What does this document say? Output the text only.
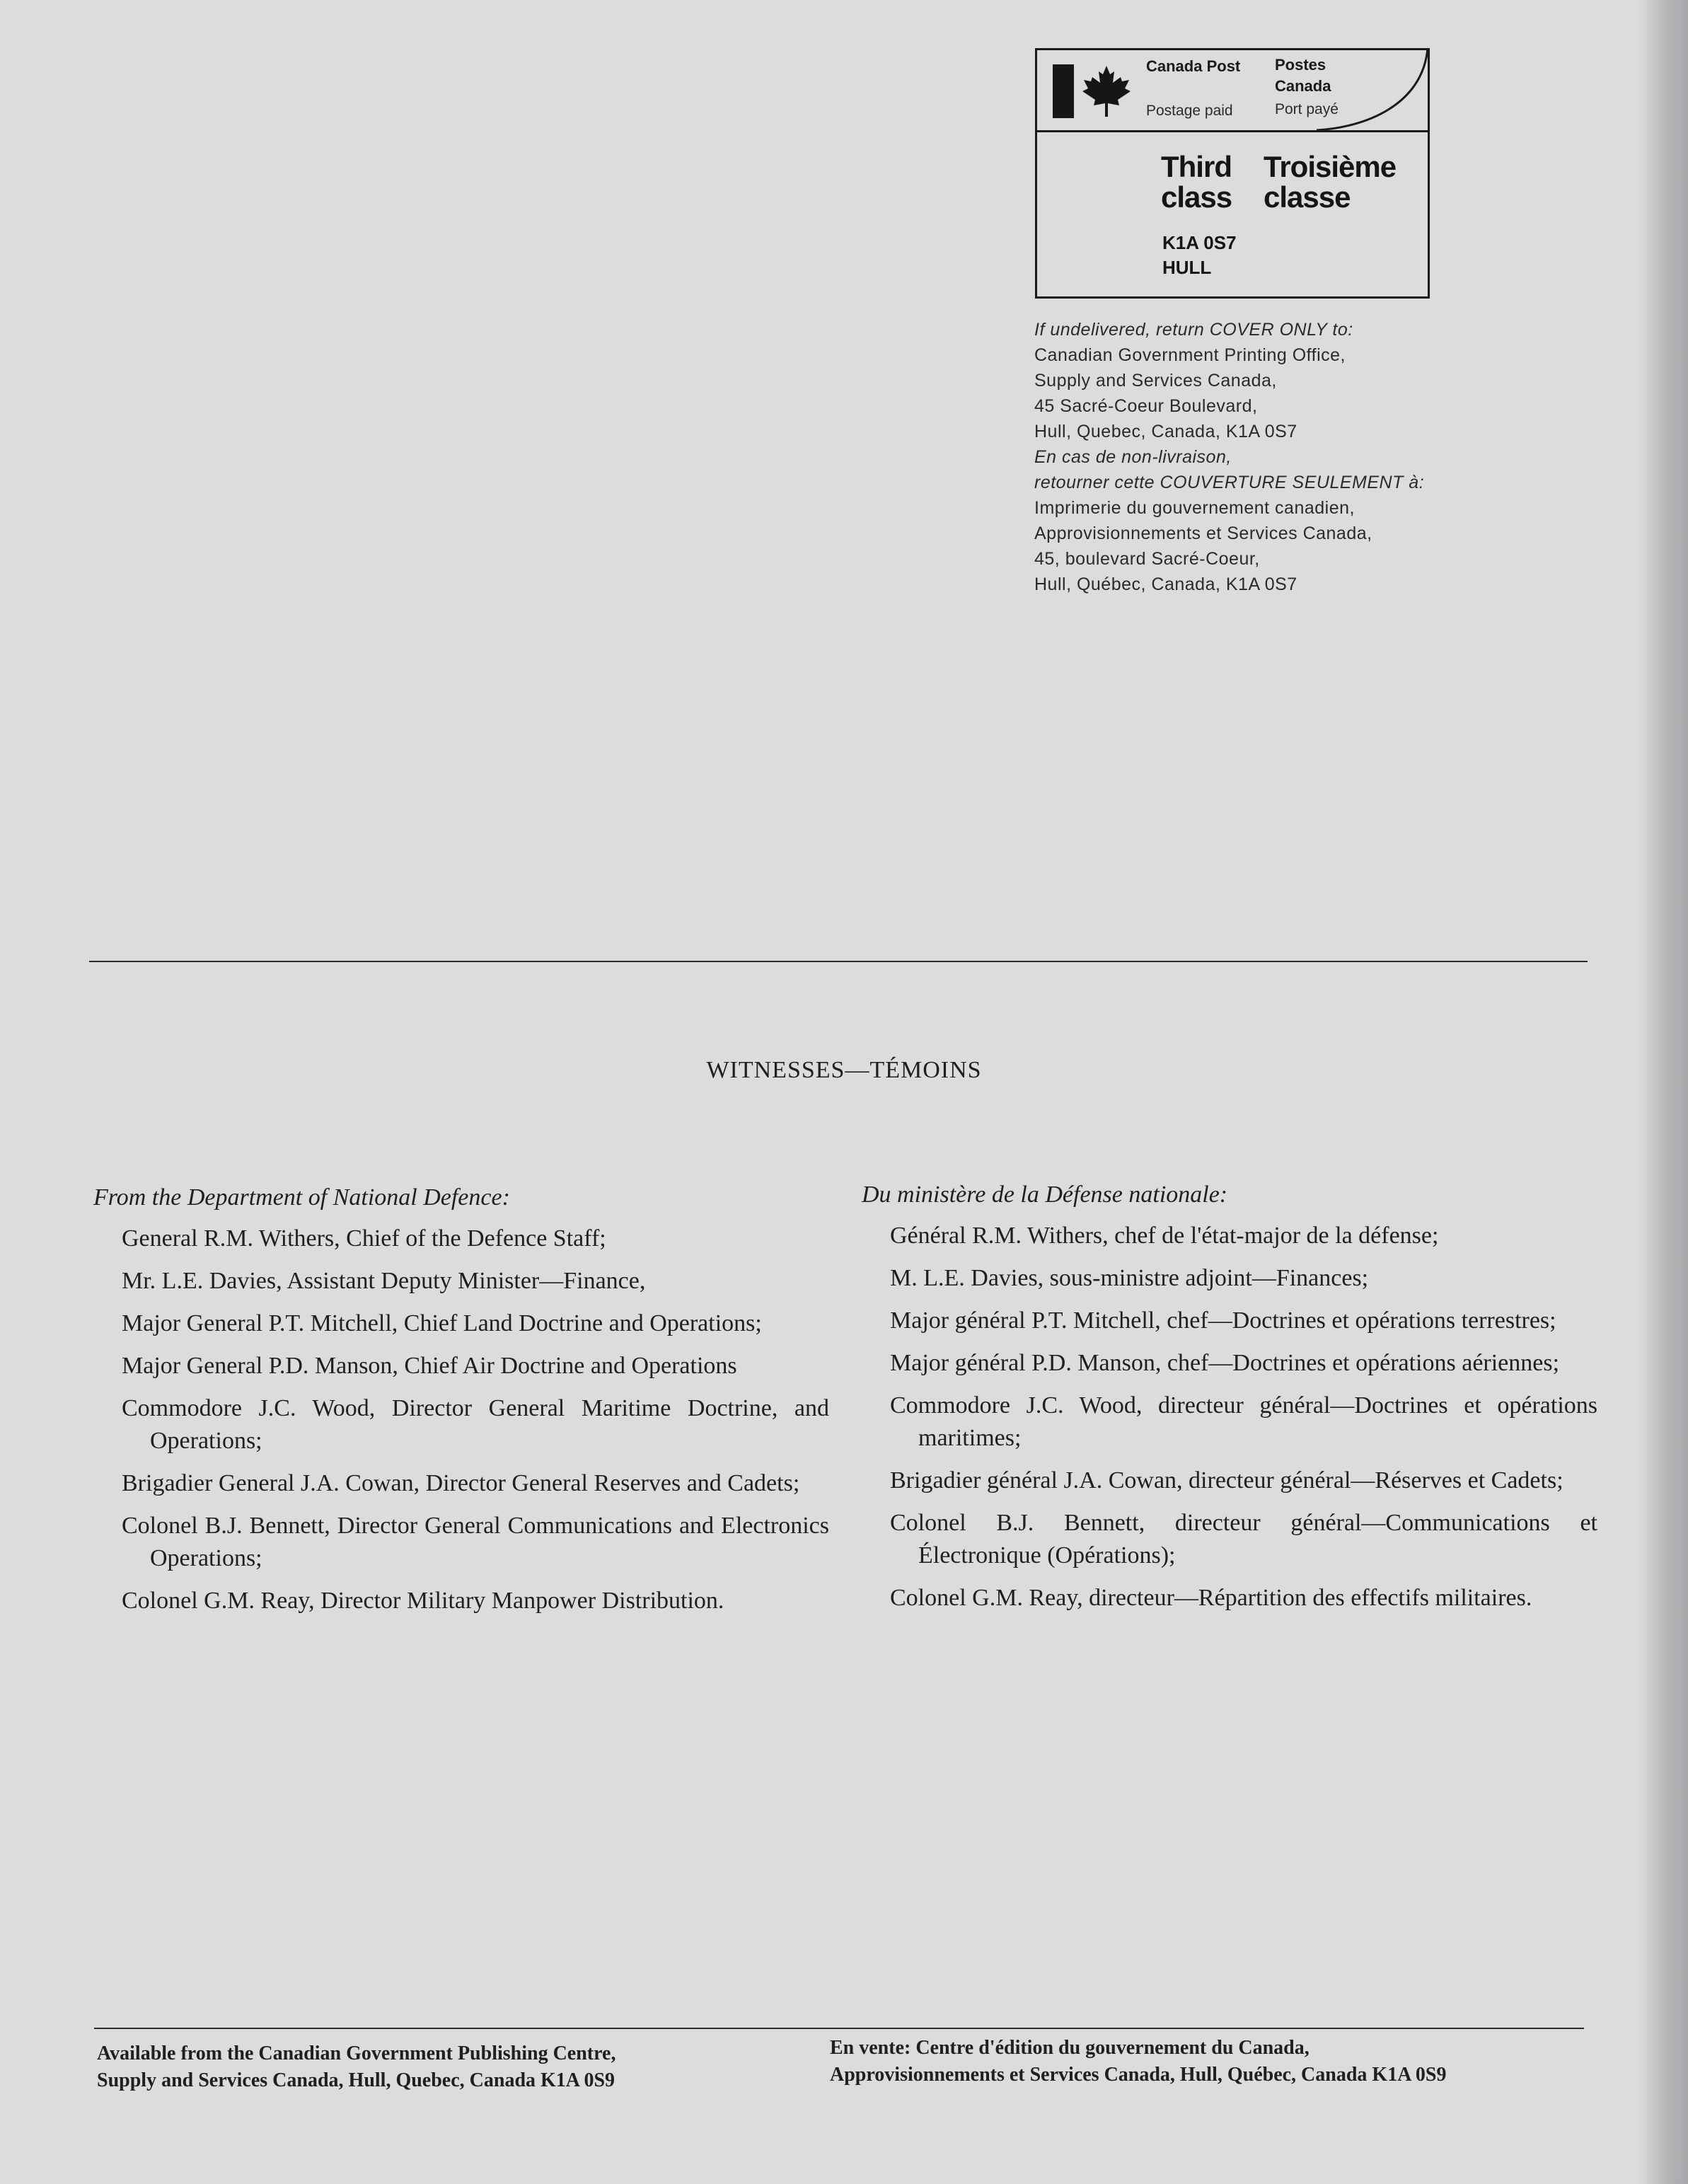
Canada Post
Postage paid
Postes Canada
Port payé
Third
class
Troisième
classe
K1A 0S7
HULL
If undelivered, return COVER ONLY to:
Canadian Government Printing Office,
Supply and Services Canada,
45 Sacré-Coeur Boulevard,
Hull, Quebec, Canada, K1A 0S7
En cas de non-livraison,
retourner cette COUVERTURE SEULEMENT à:
Imprimerie du gouvernement canadien,
Approvisionnements et Services Canada,
45, boulevard Sacré-Coeur,
Hull, Québec, Canada, K1A 0S7
WITNESSES—TÉMOINS
From the Department of National Defence:
General R.M. Withers, Chief of the Defence Staff;
Mr. L.E. Davies, Assistant Deputy Minister—Finance,
Major General P.T. Mitchell, Chief Land Doctrine and Operations;
Major General P.D. Manson, Chief Air Doctrine and Operations
Commodore J.C. Wood, Director General Maritime Doctrine, and Operations;
Brigadier General J.A. Cowan, Director General Reserves and Cadets;
Colonel B.J. Bennett, Director General Communications and Electronics Operations;
Colonel G.M. Reay, Director Military Manpower Distribution.
Du ministère de la Défense nationale:
Général R.M. Withers, chef de l'état-major de la défense;
M. L.E. Davies, sous-ministre adjoint—Finances;
Major général P.T. Mitchell, chef—Doctrines et opérations terrestres;
Major général P.D. Manson, chef—Doctrines et opérations aériennes;
Commodore J.C. Wood, directeur général—Doctrines et opérations maritimes;
Brigadier général J.A. Cowan, directeur général—Réserves et Cadets;
Colonel B.J. Bennett, directeur général—Communications et Électronique (Opérations);
Colonel G.M. Reay, directeur—Répartition des effectifs militaires.
Available from the Canadian Government Publishing Centre,
Supply and Services Canada, Hull, Quebec, Canada K1A 0S9
En vente: Centre d'édition du gouvernement du Canada,
Approvisionnements et Services Canada, Hull, Québec, Canada K1A 0S9
